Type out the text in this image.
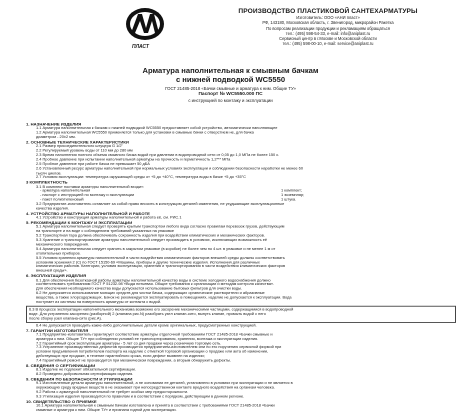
ПЛАСТ
ПРОИЗВОДСТВО ПЛАСТИКОВОЙ САНТЕХАРМАТУРЫ
Изготовитель: ООО «АНИ пласт»
РФ, 143180, Московская область, г. Звенигород, микрорайон Ракетка
По вопросам реализации продукции и рекламациям обращаться
тел.: (495) 598-54-33, e-mail: info@aniplast.ru
Сервисный центр в г.Москве и Московской области
тел.: (495) 598-00-10, e-mail: service@aniplast.ru
Арматура наполнительная к смывным бачкам
с нижней подводкой WC5550
ГОСТ 21485-2018 «Бачки смывные и арматура к ним. Общие ТУ»
Паспорт № WC5550.000 ПС
с инструкцией по монтажу и эксплуатации
1. НАЗНАЧЕНИЕ ИЗДЕЛИЯ
1.1 Арматура наполнительная к бачкам с нижней подводкой WC5550 предоставляет собой устройство, автоматически наполняющее
1.2 Арматура наполнительная WC5550 применяется только для установки в смывные бачки с отверстием не, для бачка
диаметром - 20±2 мм.
2. ОСНОВНЫЕ ТЕХНИЧЕСКИЕ ХАРАКТЕРИСТИКИ
2.1 Размер присоединительного штуцера G 1/2"
2.2 Регулируемый уровень воды от 110 мм до 280 мм
2.3 Время наполнения полного объема смывного бачка водой при давлении в водопроводной сети от 0,05 до 1,0 МПа не более 150 с.
2.4 Пробное давление при испытании наполнительной арматуры на прочность и герметичность 1,2*** МПа
2.5 Пробное давление при работе бачка не превышает 50 дБА
2.6 Установленный ресурс арматуры наполнительной при нормальных условиях эксплуатации и соблюдении безопасности наработки не менее 60
тысяч циклов.
2.7 Условия эксплуатации: температура окружающей среды от +5 до +40°С, температура воды в бачке +5 до +35°С
3 КОМПЛЕКТНОСТЬ
3.1 В комплект поставки арматуры наполнительной входит:
- арматура наполнительная	1 комплект;
- паспорт с инструкцией по монтажу и эксплуатации	1 экземпляр;
- пакет полиэтиленовый	1 штука.
3.2 Предприятие-изготовитель оставляет за собой право вносить в конструкцию деталей изменения, не ухудшающие эксплуатационные
качества изделия.
4. УСТРОЙСТВО АРМАТУРЫ НАПОЛНИТЕЛЬНОЙ И РАБОТЕ
4.1 Устройство и конструкция арматуры наполнительной и работа её, см. РИС.1
5. РЕКОМЕНДАЦИИ К МОНТАЖУ И ЭКСПЛУАТАЦИИ
5.1 Арматура наполнительная следует проверять крытым транспортом любого вида согласно правилам перевозок грузов, действующим
на транспорте и на виде с соблюдением требований указанных на упаковке
5.2 Транспортная тара должна обеспечивать сохранность изделия при воздействии климатических и механических факторов.
5.3 Хранение и транспортирование арматуры наполнительной следует производить в условиях, исключающих возможность её
механического повреждения.
5.4 Арматура наполнительная следует хранить в закрытом упаковке (в коробке) не более чем по 4 шт. в упаковке и не менее 1 м от
отопительных приборов.
5.5 Условия хранения арматуры наполнительной в части воздействия климатических факторов внешней среды должны соответствовать
условиям хранения 2 (С) по ГОСТ 15150-69 «Машины, приборы и другие технические изделия. Исполнения для различных
климатических районов. Категории, условия эксплуатации, хранения и транспортирования в части воздействия климатических факторов
внешней среды».
6. ЭКСПЛУАТАЦИЯ ИЗДЕЛИЯ
6.1 Для обеспечения безотказной работы арматуры наполнительной качество воды в системе холодного водоснабжения должно
соответствовать требованиям ГОСТ Р 51232-98 «Вода питьевая. Общие требования к организации и методам контроля качества».
Для обеспечения необходимого качества воды допускается использование бытовых фильтров для очистки воды.
6.2 Не допускается использование моющих средств для чистки бачка, содержащих органические растворители и абразивные
вещества, а также хлорсодержащих. Бачок не рекомендуется эксплуатировать в помещениях, изделие не допускается к эксплуатации. Вода
поступает из системы на поверхность арматуры от контакта с водой.
6.3 В процессе эксплуатации наполнительного механизма возможно его засорение механическими частицами, содержащимися в водопроводной
воде. Для устранения засорения (разборной) 2 (клапана рис.N) разобрать узел клапан-сито, вынуть клапан, промыть водой с него
после сборку узел клапана-сито (рис.A).
6.4 Не допускается проводить какие-либо дополнительные детали кроме оригинальных, предусмотренных конструкцией.
7. ГАРАНТИИ ИЗГОТОВИТЕЛЯ
7.1 Предприятие-изготовитель гарантирует соответствие арматуры отделочной требованиям ГОСТ 21485-2018 «Бачки смывные и
арматура к ним. Общие ТУ» при соблюдении условий ее транспортирования, хранения, монтажа и эксплуатации изделия.
7.2 Гарантийный срок эксплуатации арматуры - 5 лет со дня продажи через розничную торговую сеть.
7.3 Устранение производственных дефектов производится предприятием-изготовителем или по его поручению сервисной фирмой при
условии предъявления потребителем паспорта на изделие с отметкой торговой организации о продаже или акта об изменении,
действующих при продаже, в течение гарантийного срока, если дефект выявлен на изделии;
7.4 Гарантийный ремонт не производится при механическом повреждении, а вторым обнаружить дефекты.
8. СВЕДЕНИЯ О СЕРТИФИКАЦИИ
8.1 Изделие не подлежит обязательной сертификации.
8.2 Проведено добровольная сертификация изделия.
9. СВЕДЕНИЯ ПО БЕЗОПАСНОСТИ И УТИЛИЗАЦИИ
9.1 Изготовленные детали арматуры наполнительной, а не основании ее деталей, установлено в условиях при эксплуатации и не является в
окружающую среду вредных веществ в не оказывает при непосредственном контакте вредного воздействия на организм человека.
9.2 Работа с арматурой наполнительной не требует особых мер предосторожности.
9.3 Утилизация изделия производится по правилам и в соответствии с порядком, действующим в данном регионе.
10. СВИДЕТЕЛЬСТВО О ПРИЕМКЕ
10.1 Арматура наполнительная к смывным бачкам изготовлена и принята в соответствии с требованиями ГОСТ 21485-2018 «Бачки
смывные и арматура к ним. Общие ТУ» и признана годной для эксплуатации.
